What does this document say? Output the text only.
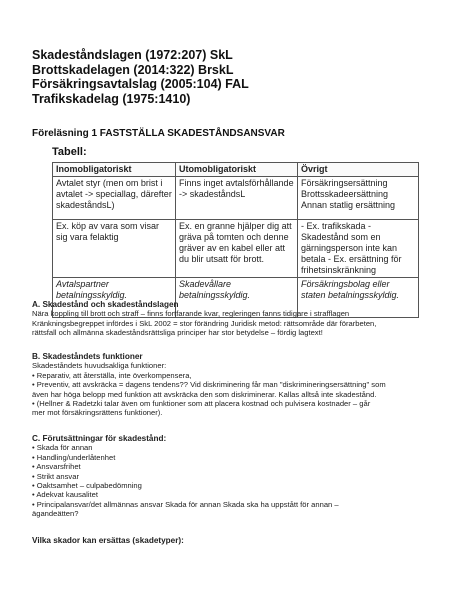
Skadeståndslagen (1972:207) SkL
Brottskadelagen (2014:322) BrskL
Försäkringsavtalslag (2005:104) FAL
Trafikskadelag (1975:1410)
Föreläsning 1 FASTSTÄLLA SKADESTÅNDSANSVAR
Tabell:
Inomobligatoriskt	Utomobligatoriskt	Övrigt
Avtalet styr (men om brist i avtalet -> speciallag, därefter skadeståndsL)	Finns inget avtalsförhållande -> skadeståndsL	Försäkringsersättning Brottsskadeersättning Annan statlig ersättning
Ex. köp av vara som visar sig vara felaktig	Ex. en granne hjälper dig att gräva på tomten och denne gräver av en kabel eller att du blir utsatt för brott.	- Ex. trafikskada - Skadestånd som en gärningsperson inte kan betala - Ex. ersättning för frihetsinskränkning
Avtalspartner betalningsskyldig.	Skadevållare betalningsskyldig.	Försäkringsbolag eller staten betalningsskyldig.
A. Skadestånd och skadeståndslagen
Nära koppling till brott och straff – finns fortfarande kvar, regleringen fanns tidigare i strafflagen
Kränkningsbegreppet infördes i SkL 2002 = stor förändring Juridisk metod: rättsområde där förarbeten,
rättsfall och allmänna skadeståndsrättsliga principer har stor betydelse – fördig lagtext!
B. Skadeståndets funktioner
Skadeståndets huvudsakliga funktioner:
• Reparativ, att återställa, inte överkompensera,
• Preventiv, att avskräcka = dagens tendens?? Vid diskriminering får man "diskrimineringsersättning" som
även har höga belopp med funktion att avskräcka den som diskriminerar. Kallas alltså inte skadestånd.
• (Hellner & Radetzki talar även om funktioner som att placera kostnad och pulvisera kostnader – går
mer mot försäkringsrättens funktioner).
C. Förutsättningar för skadestånd:
• Skada för annan
• Handling/underlåtenhet
• Ansvarsfrihet
• Strikt ansvar
• Oaktsamhet – culpabedömning
• Adekvat kausalitet
• Principalansvar/det allmännas ansvar Skada för annan Skada ska ha uppstått för annan –
ägandeätten?
Vilka skador kan ersättas (skadetyper):
